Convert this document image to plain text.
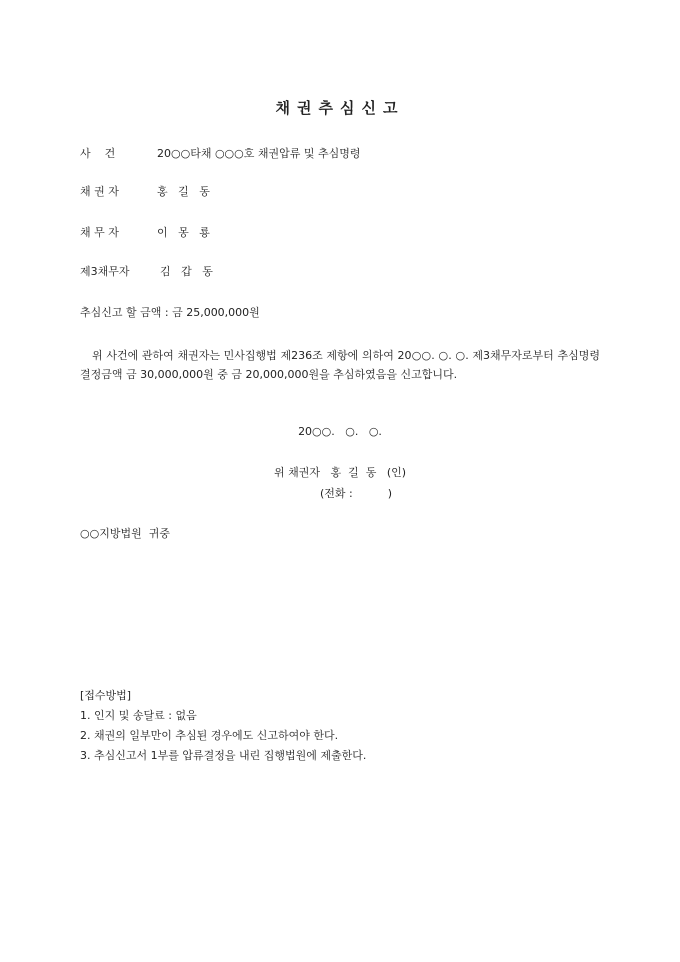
채권추심신고
사    건	20○○타채 ○○○호 채권압류 및 추심명령
채 권 자	홍   길   동
채 무 자	이   몽   룡
제3채무자	김   갑   동
추심신고 할 금액 : 금 25,000,000원
위 사건에 관하여 채권자는 민사집행법 제236조 제항에 의하여 20○○. ○. ○. 제3채무자로부터 추심명령결정금액 금 30,000,000원 중 금 20,000,000원을 추심하였음을 신고합니다.
20○○.   ○.   ○.
위 채권자   홍  길  동   (인)
(전화 :          )
○○지방법원  귀중
[접수방법]
1. 인지 및 송달료 : 없음
2. 채권의 일부만이 추심된 경우에도 신고하여야 한다.
3. 추심신고서 1부를 압류결정을 내린 집행법원에 제출한다.
